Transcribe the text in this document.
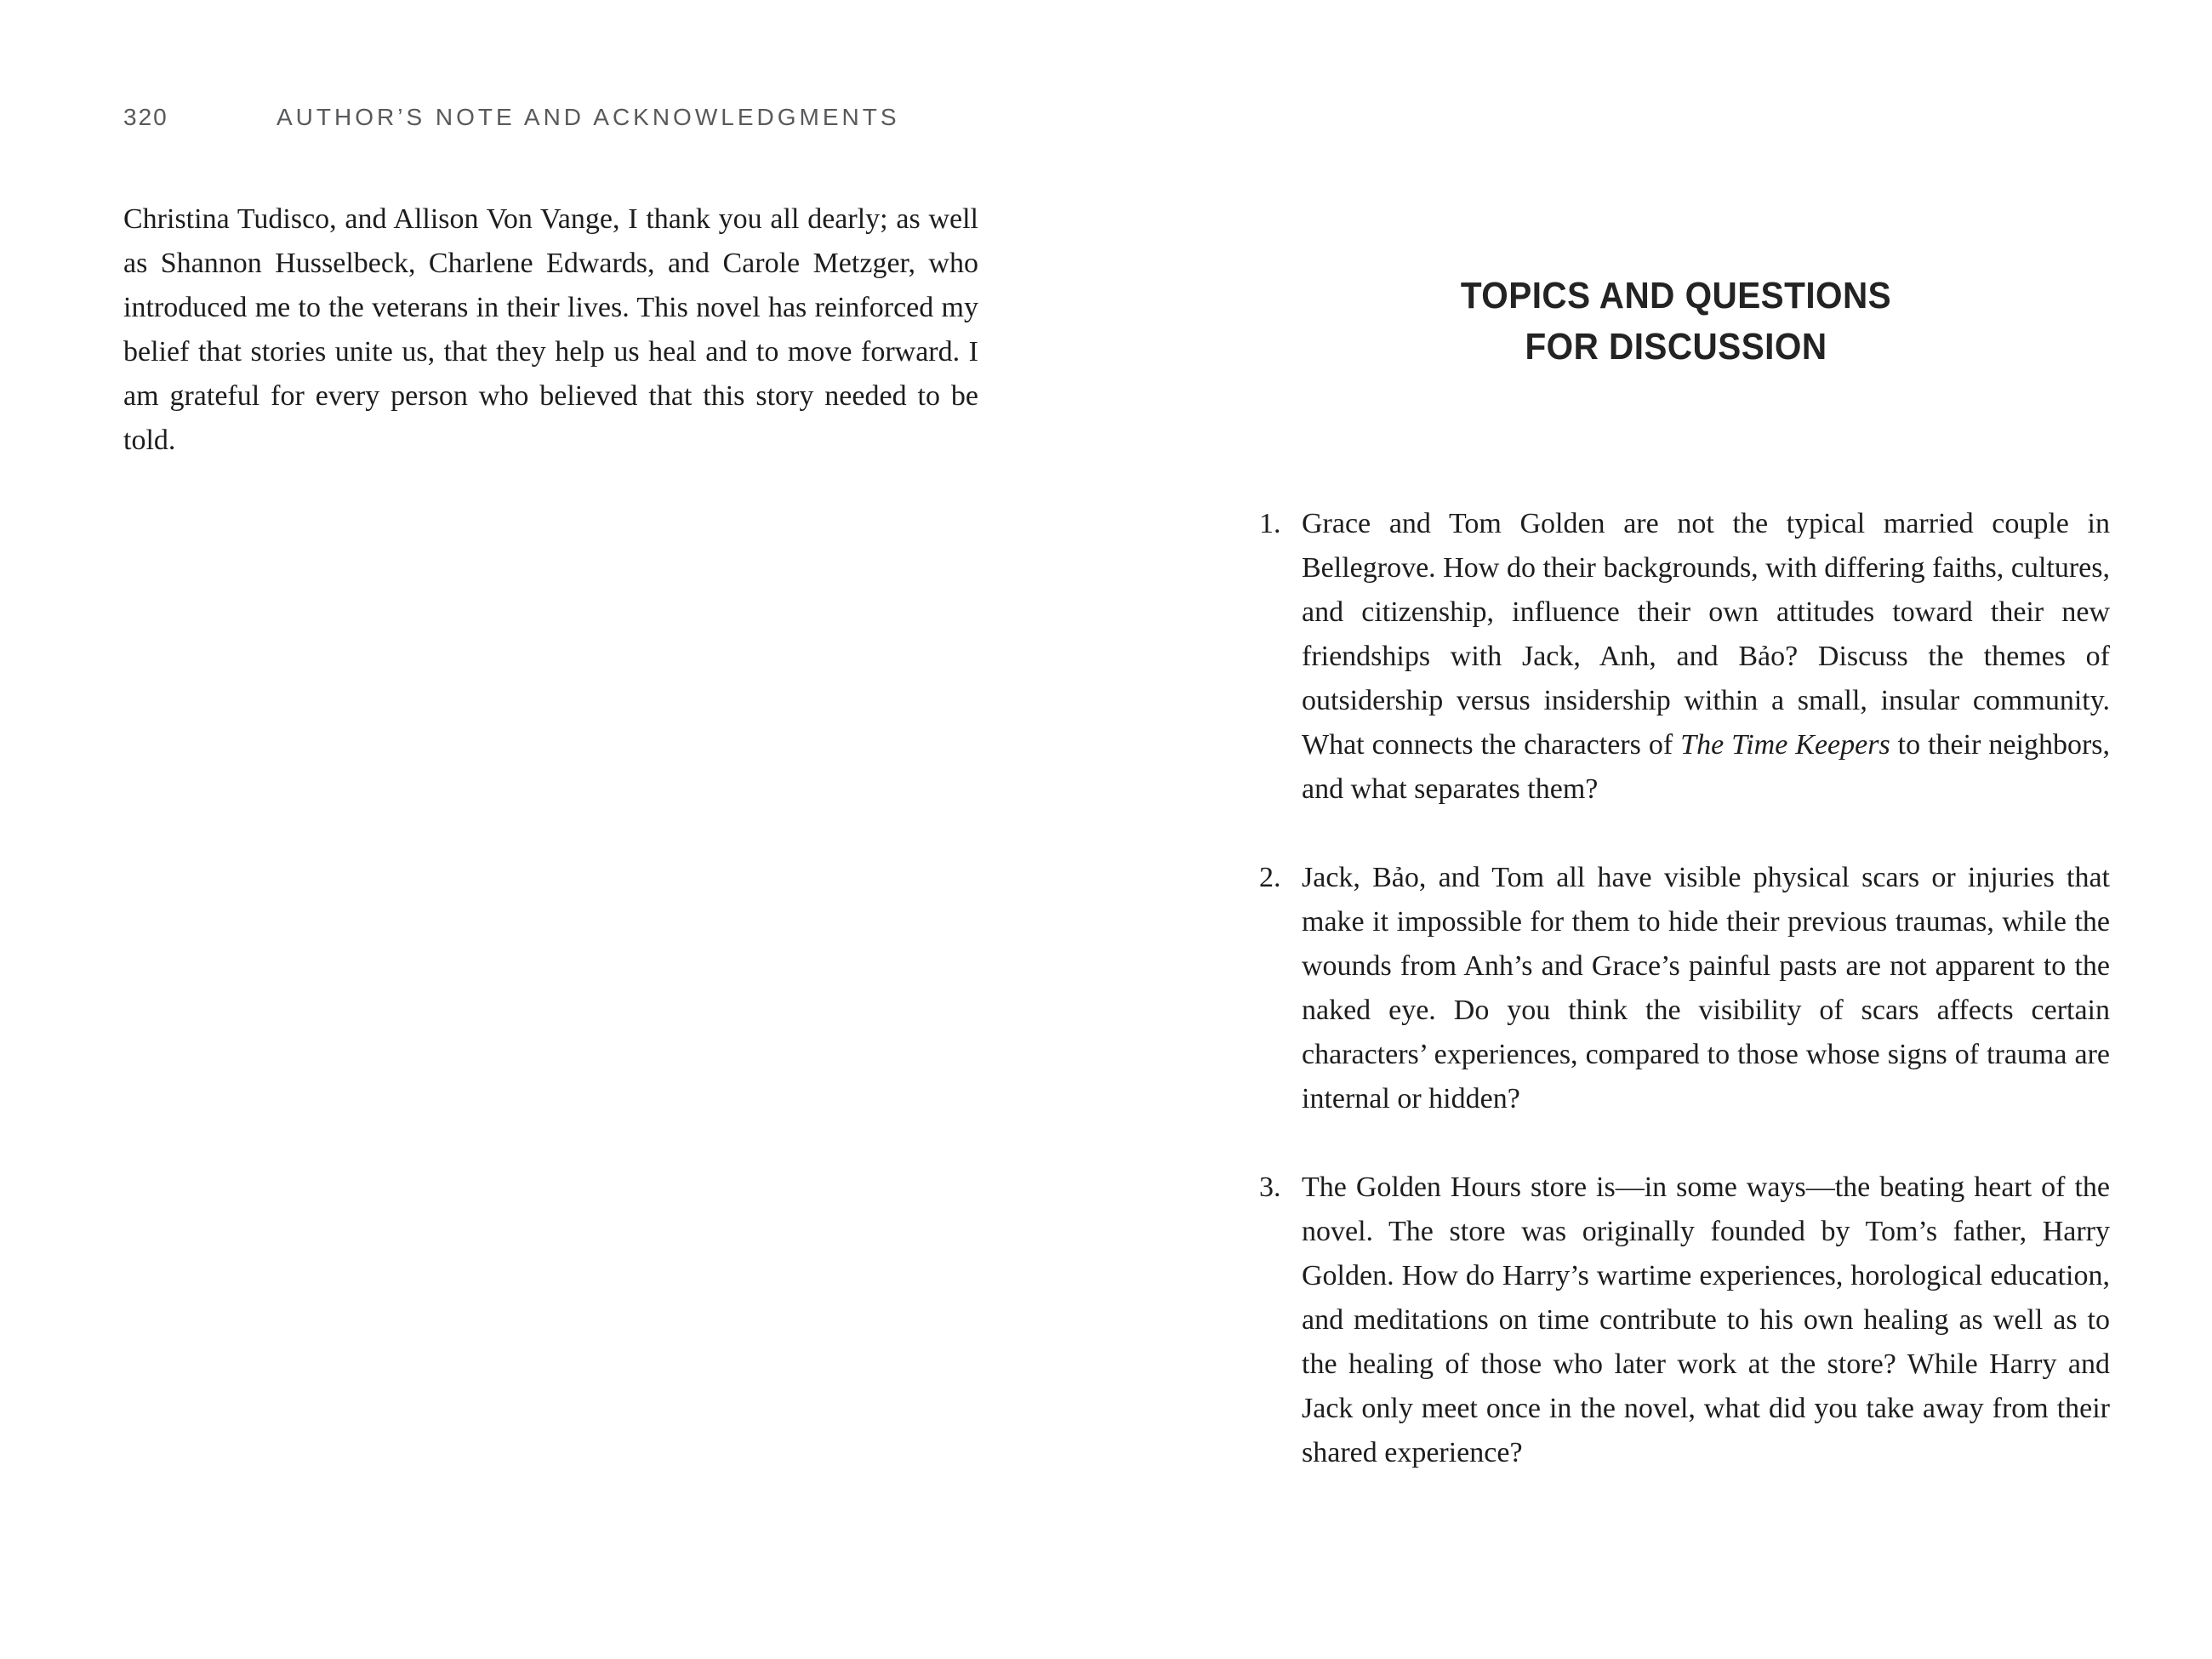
320	AUTHOR’S NOTE AND ACKNOWLEDGMENTS

Christina Tudisco, and Allison Von Vange, I thank you all dearly; as well as Shannon Husselbeck, Charlene Edwards, and Carole Metzger, who introduced me to the veterans in their lives. This novel has reinforced my belief that stories unite us, that they help us heal and to move forward. I am grateful for every person who believed that this story needed to be told.

TOPICS AND QUESTIONS
FOR DISCUSSION
1. Grace and Tom Golden are not the typical married couple in Bellegrove. How do their backgrounds, with differing faiths, cultures, and citizenship, influence their own attitudes toward their new friendships with Jack, Anh, and Bảo? Discuss the themes of outsidership versus insidership within a small, insular community. What connects the characters of The Time Keepers to their neighbors, and what separates them?
2. Jack, Bảo, and Tom all have visible physical scars or injuries that make it impossible for them to hide their previous traumas, while the wounds from Anh’s and Grace’s painful pasts are not apparent to the naked eye. Do you think the visibility of scars affects certain characters’ experiences, compared to those whose signs of trauma are internal or hidden?
3. The Golden Hours store is—in some ways—the beating heart of the novel. The store was originally founded by Tom’s father, Harry Golden. How do Harry’s wartime experiences, horological education, and meditations on time contribute to his own healing as well as to the healing of those who later work at the store? While Harry and Jack only meet once in the novel, what did you take away from their shared experience?
